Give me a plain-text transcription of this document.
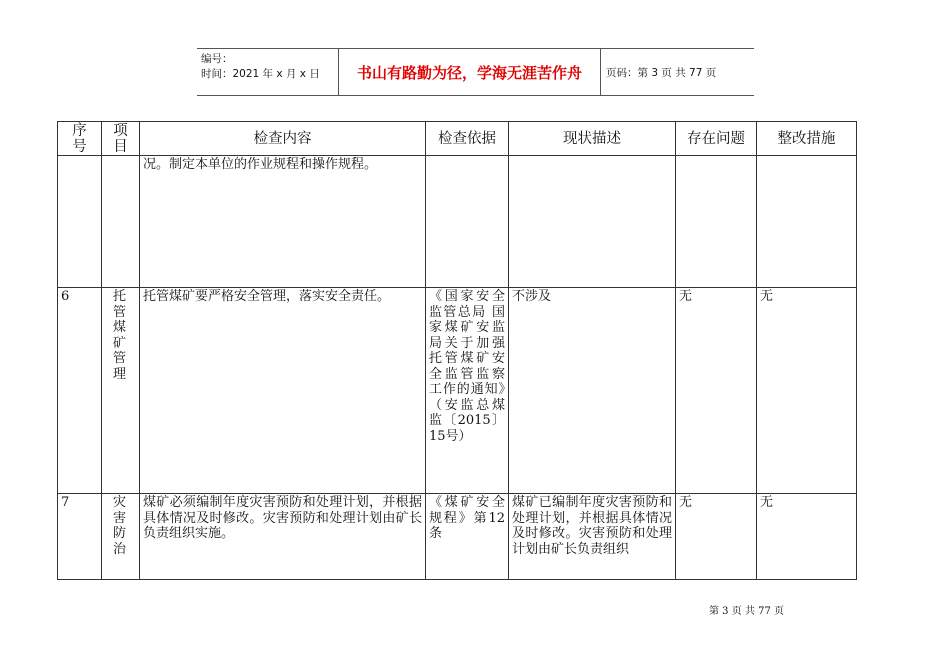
编号：
时间：2021 年 x 月 x 日	书山有路勤为径，学海无涯苦作舟	页码：第 3 页 共 77 页
序号	项目	检查内容	检查依据	现状描述	存在问题	整改措施
		况。制定本单位的作业规程和操作规程。				
6	托管煤矿管理	托管煤矿要严格安全管理，落实安全责任。	《国家安全监管总局 国家煤矿安监局关于加强托管煤矿安全监管监察工作的通知》（安监总煤监〔2015〕15号）	不涉及	无	无
7	灾害防治	煤矿必须编制年度灾害预防和处理计划，并根据具体情况及时修改。灾害预防和处理计划由矿长负责组织实施。	《煤矿安全规程》第12条	煤矿已编制年度灾害预防和处理计划，并根据具体情况及时修改。灾害预防和处理计划由矿长负责组织	无	无
第 3 页 共 77 页
